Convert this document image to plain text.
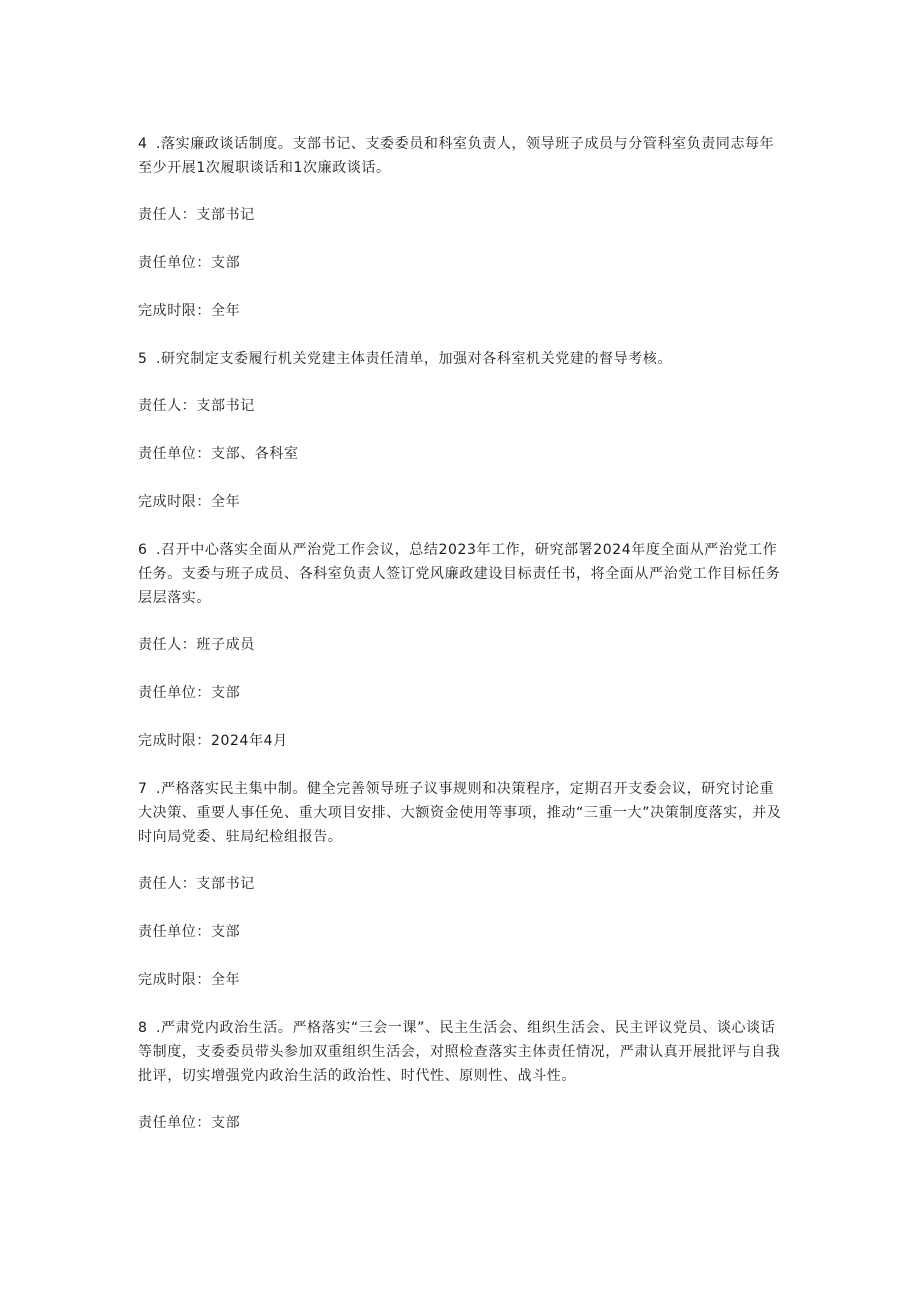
4 .落实廉政谈话制度。支部书记、支委委员和科室负责人，领导班子成员与分管科室负责同志每年至少开展1次履职谈话和1次廉政谈话。

责任人：支部书记

责任单位：支部

完成时限：全年

5 .研究制定支委履行机关党建主体责任清单，加强对各科室机关党建的督导考核。

责任人：支部书记

责任单位：支部、各科室

完成时限：全年

6 .召开中心落实全面从严治党工作会议，总结2023年工作，研究部署2024年度全面从严治党工作任务。支委与班子成员、各科室负责人签订党风廉政建设目标责任书，将全面从严治党工作目标任务层层落实。

责任人：班子成员

责任单位：支部

完成时限：2024年4月

7 .严格落实民主集中制。健全完善领导班子议事规则和决策程序，定期召开支委会议，研究讨论重大决策、重要人事任免、重大项目安排、大额资金使用等事项，推动“三重一大”决策制度落实，并及时向局党委、驻局纪检组报告。

责任人：支部书记

责任单位：支部

完成时限：全年

8 .严肃党内政治生活。严格落实“三会一课”、民主生活会、组织生活会、民主评议党员、谈心谈话等制度，支委委员带头参加双重组织生活会，对照检查落实主体责任情况，严肃认真开展批评与自我批评，切实增强党内政治生活的政治性、时代性、原则性、战斗性。

责任单位：支部
